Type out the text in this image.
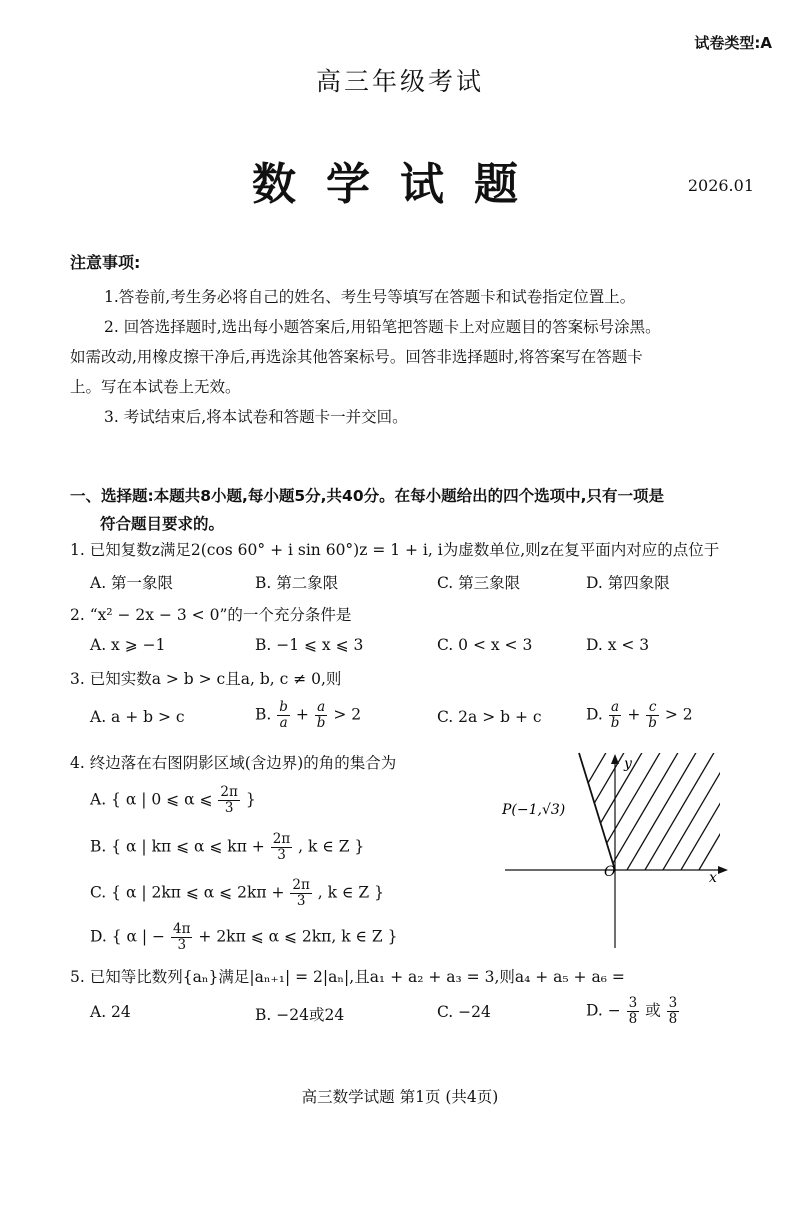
试卷类型:A
高三年级考试
数学试题	2026.01
注意事项:
1.答卷前,考生务必将自己的姓名、考生号等填写在答题卡和试卷指定位置上。
2. 回答选择题时,选出每小题答案后,用铅笔把答题卡上对应题目的答案标号涂黑。
如需改动,用橡皮擦干净后,再选涂其他答案标号。回答非选择题时,将答案写在答题卡
上。写在本试卷上无效。
3. 考试结束后,将本试卷和答题卡一并交回。
一、选择题:本题共8小题,每小题5分,共40分。在每小题给出的四个选项中,只有一项是
符合题目要求的。
1. 已知复数z满足2(cos 60° + i sin 60°)z = 1 + i, i为虚数单位,则z在复平面内对应的点位于
A. 第一象限	B. 第二象限	C. 第三象限	D. 第四象限
2. “x² − 2x − 3 < 0”的一个充分条件是
A. x ⩾ −1	B. −1 ⩽ x ⩽ 3	C. 0 < x < 3	D. x < 3
3. 已知实数a > b > c且a, b, c ≠ 0,则
A. a + b > c	B. $\frac{b}{a} + \frac{a}{b} > 2$	C. 2a > b + c	D. $\frac{a}{b} + \frac{c}{b} > 2$
4. 终边落在右图阴影区域(含边界)的角的集合为
A. { α | 0 ⩽ α ⩽ $\frac{2\pi}{3}$ }
B. { α | kπ ⩽ α ⩽ $k\pi + \frac{2\pi}{3}$ , k ∈ Z }
C. { α | 2kπ ⩽ α ⩽ $2k\pi + \frac{2\pi}{3}$ , k ∈ Z }
D. { α | − $\frac{4\pi}{3} + 2k\pi$ ⩽ α ⩽ 2kπ, k ∈ Z }
P(−1,√3)
O	x
y
5. 已知等比数列{aₙ}满足|aₙ₊₁| = 2|aₙ|,且a₁ + a₂ + a₃ = 3,则a₄ + a₅ + a₆ =
A. 24	B. −24或24	C. −24	D. − $\frac{3}{8}$ 或 $\frac{3}{8}$
高三数学试题 第1页 (共4页)
